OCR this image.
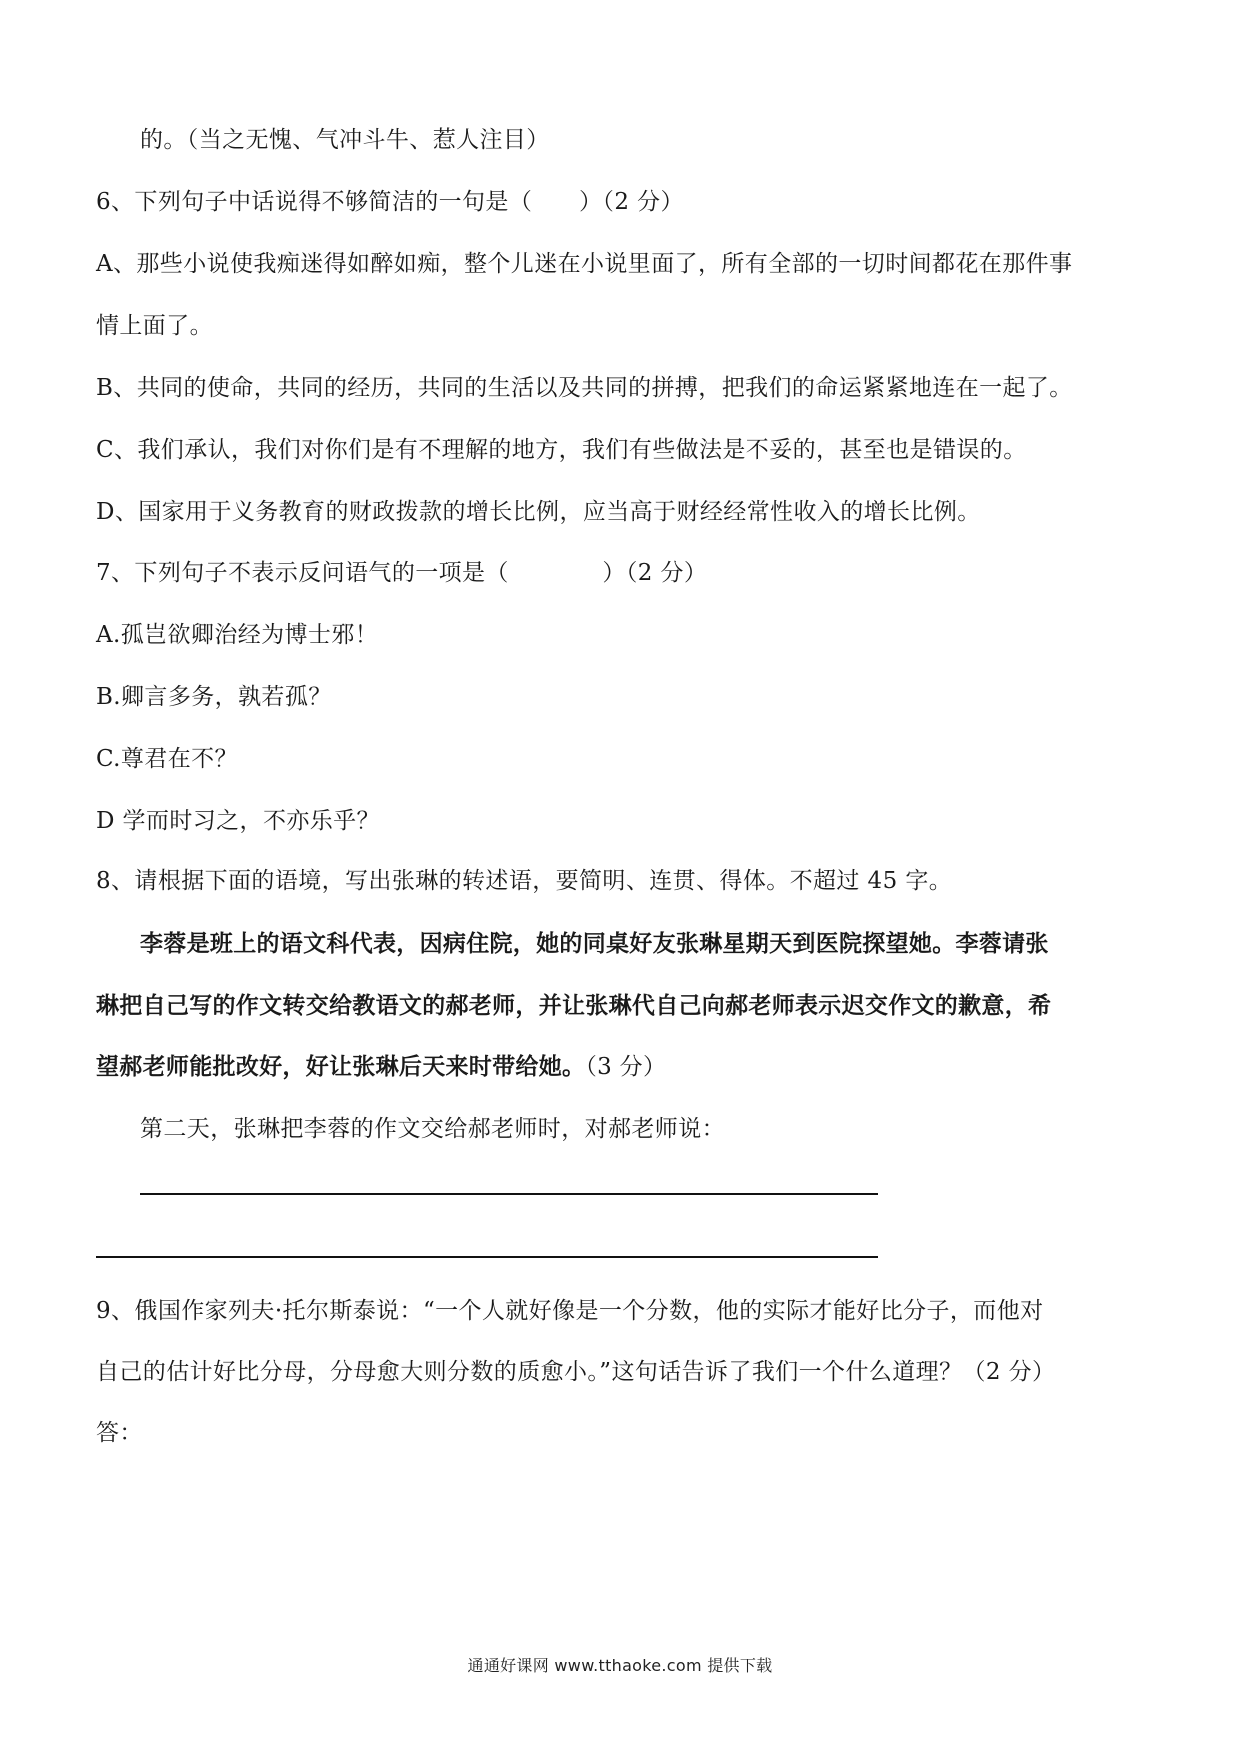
的。（当之无愧、气冲斗牛、惹人注目）
6、下列句子中话说得不够简洁的一句是（　　）（2 分）
A、那些小说使我痴迷得如醉如痴，整个儿迷在小说里面了，所有全部的一切时间都花在那件事
情上面了。
B、共同的使命，共同的经历，共同的生活以及共同的拼搏，把我们的命运紧紧地连在一起了。
C、我们承认，我们对你们是有不理解的地方，我们有些做法是不妥的，甚至也是错误的。
D、国家用于义务教育的财政拨款的增长比例，应当高于财经经常性收入的增长比例。
7、下列句子不表示反问语气的一项是（　　　　）（2 分）
A.孤岂欲卿治经为博士邪！
B.卿言多务，孰若孤？
C.尊君在不？
D 学而时习之，不亦乐乎？
8、请根据下面的语境，写出张琳的转述语，要简明、连贯、得体。不超过 45 字。
李蓉是班上的语文科代表，因病住院，她的同桌好友张琳星期天到医院探望她。李蓉请张
琳把自己写的作文转交给教语文的郝老师，并让张琳代自己向郝老师表示迟交作文的歉意，希
望郝老师能批改好，好让张琳后天来时带给她。（3 分）
第二天，张琳把李蓉的作文交给郝老师时，对郝老师说：
9、俄国作家列夫·托尔斯泰说：“一个人就好像是一个分数，他的实际才能好比分子，而他对
自己的估计好比分母，分母愈大则分数的质愈小。”这句话告诉了我们一个什么道理？（2 分）
答：
通通好课网 www.tthaoke.com 提供下载
